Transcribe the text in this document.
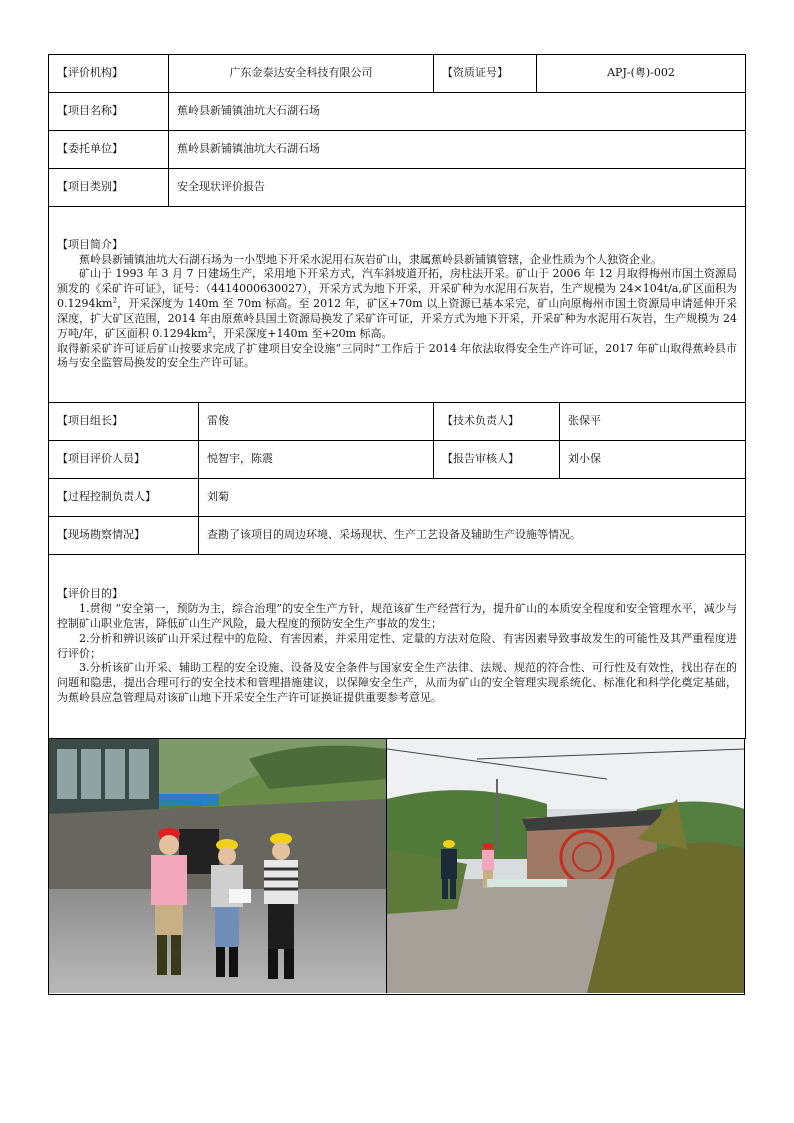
【评价机构】	广东金泰达安全科技有限公司		【资质证号】	APJ-(粤)-002	
【项目名称】	蕉岭县新铺镇油坑大石湖石场				
【委托单位】	蕉岭县新铺镇油坑大石湖石场				
【项目类别】	安全现状评价报告				

【项目简介】
蕉岭县新铺镇油坑大石湖石场为一小型地下开采水泥用石灰岩矿山，隶属蕉岭县新铺镇管辖，企业性质为个人独资企业。
矿山于 1993 年 3 月 7 日建场生产，采用地下开采方式，汽车斜坡道开拓，房柱法开采。矿山于 2006 年 12 月取得梅州市国土资源局颁发的《采矿许可证》，证号：（4414000630027），开采方式为地下开采，开采矿种为水泥用石灰岩，生产规模为 24×104t/a,矿区面积为 $0.1294km^2$，开采深度为 140m 至 70m 标高。至 2012 年，矿区+70m 以上资源已基本采完，矿山向原梅州市国土资源局申请延伸开采深度，扩大矿区范围，2014 年由原蕉岭县国土资源局换发了采矿许可证，开采方式为地下开采，开采矿种为水泥用石灰岩，生产规模为 24 万吨/年，矿区面积 $0.1294km^2$，开采深度+140m 至+20m 标高。
取得新采矿许可证后矿山按要求完成了扩建项目安全设施“三同时”工作后于 2014 年依法取得安全生产许可证，2017 年矿山取得蕉岭县市场与安全监管局换发的安全生产许可证。					

【项目组长】		雷俊	【技术负责人】		张保平
【项目评价人员】		悦智宇，陈震	【报告审核人】		刘小保
【过程控制负责人】		刘菊			
【现场勘察情况】		查勘了该项目的周边环境、采场现状、生产工艺设备及辅助生产设施等情况。			

【评价目的】
1.贯彻 “安全第一，预防为主，综合治理”的安全生产方针，规范该矿生产经营行为，提升矿山的本质安全程度和安全管理水平，减少与控制矿山职业危害，降低矿山生产风险，最大程度的预防安全生产事故的发生；
2.分析和辨识该矿山开采过程中的危险、有害因素，并采用定性、定量的方法对危险、有害因素导致事故发生的可能性及其严重程度进行评价；
3.分析该矿山开采、辅助工程的安全设施、设备及安全条件与国家安全生产法律、法规、规范的符合性、可行性及有效性，找出存在的问题和隐患，提出合理可行的安全技术和管理措施建议，以保障安全生产，从而为矿山的安全管理实现系统化、标准化和科学化奠定基础，为蕉岭县应急管理局对该矿山地下开采安全生产许可证换证提供重要参考意见。					
